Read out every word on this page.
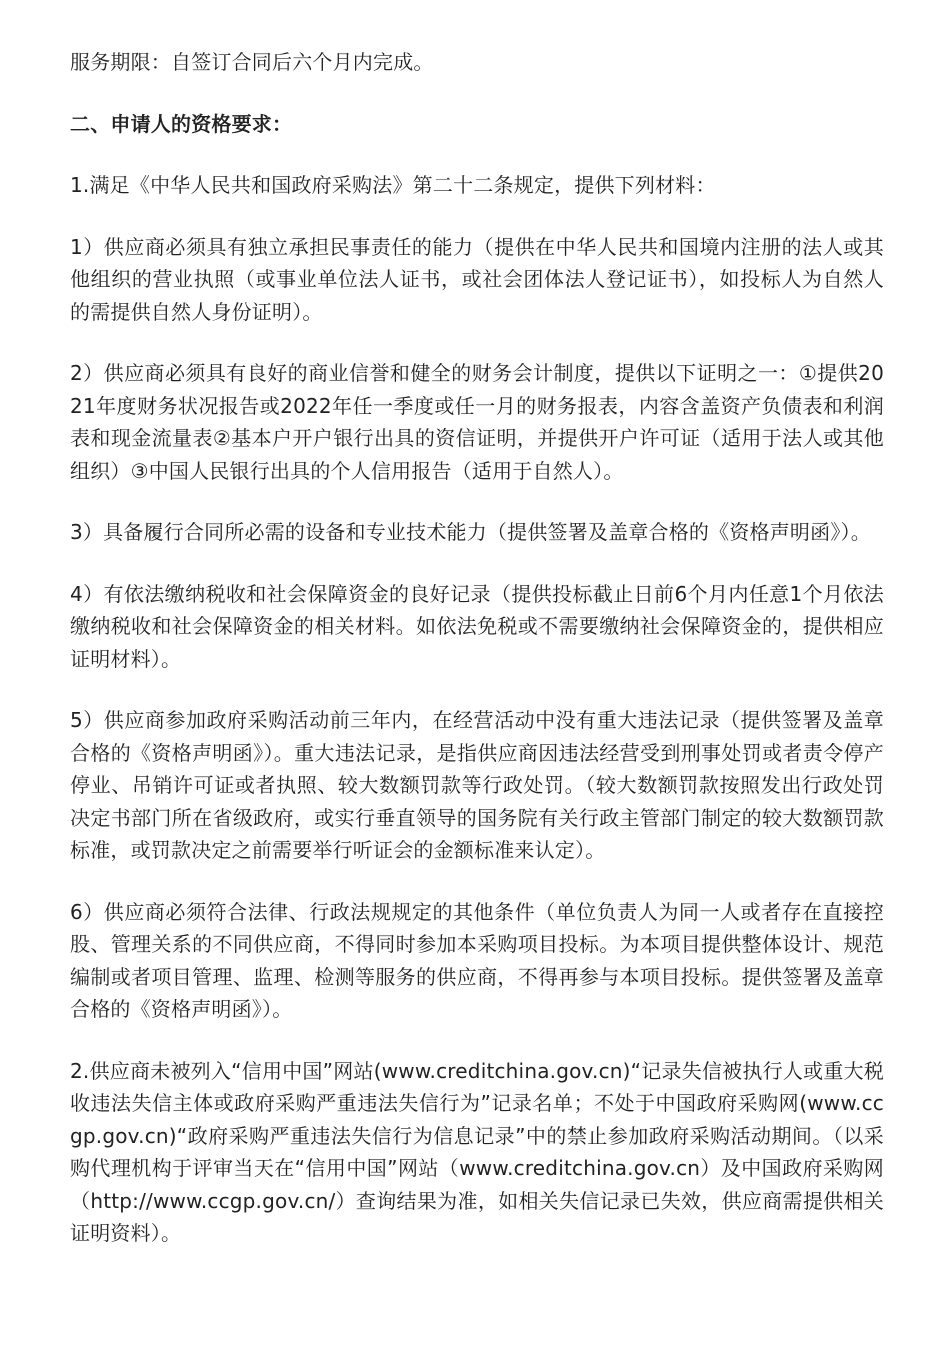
服务期限：自签订合同后六个月内完成。

二、申请人的资格要求：

1.满足《中华人民共和国政府采购法》第二十二条规定，提供下列材料：

1）供应商必须具有独立承担民事责任的能力（提供在中华人民共和国境内注册的法人或其他组织的营业执照（或事业单位法人证书，或社会团体法人登记证书），如投标人为自然人的需提供自然人身份证明）。

2）供应商必须具有良好的商业信誉和健全的财务会计制度，提供以下证明之一：①提供2021年度财务状况报告或2022年任一季度或任一月的财务报表，内容含盖资产负债表和利润表和现金流量表②基本户开户银行出具的资信证明，并提供开户许可证（适用于法人或其他组织）③中国人民银行出具的个人信用报告（适用于自然人）。

3）具备履行合同所必需的设备和专业技术能力（提供签署及盖章合格的《资格声明函》）。

4）有依法缴纳税收和社会保障资金的良好记录（提供投标截止日前6个月内任意1个月依法缴纳税收和社会保障资金的相关材料。如依法免税或不需要缴纳社会保障资金的，提供相应证明材料）。

5）供应商参加政府采购活动前三年内，在经营活动中没有重大违法记录（提供签署及盖章合格的《资格声明函》）。重大违法记录，是指供应商因违法经营受到刑事处罚或者责令停产停业、吊销许可证或者执照、较大数额罚款等行政处罚。（较大数额罚款按照发出行政处罚决定书部门所在省级政府，或实行垂直领导的国务院有关行政主管部门制定的较大数额罚款标准，或罚款决定之前需要举行听证会的金额标准来认定）。

6）供应商必须符合法律、行政法规规定的其他条件（单位负责人为同一人或者存在直接控股、管理关系的不同供应商，不得同时参加本采购项目投标。为本项目提供整体设计、规范编制或者项目管理、监理、检测等服务的供应商，不得再参与本项目投标。提供签署及盖章合格的《资格声明函》）。

2.供应商未被列入“信用中国”网站(www.creditchina.gov.cn)“记录失信被执行人或重大税收违法失信主体或政府采购严重违法失信行为”记录名单；不处于中国政府采购网(www.ccgp.gov.cn)“政府采购严重违法失信行为信息记录”中的禁止参加政府采购活动期间。（以采购代理机构于评审当天在“信用中国”网站（www.creditchina.gov.cn）及中国政府采购网（http://www.ccgp.gov.cn/）查询结果为准，如相关失信记录已失效，供应商需提供相关证明资料）。
